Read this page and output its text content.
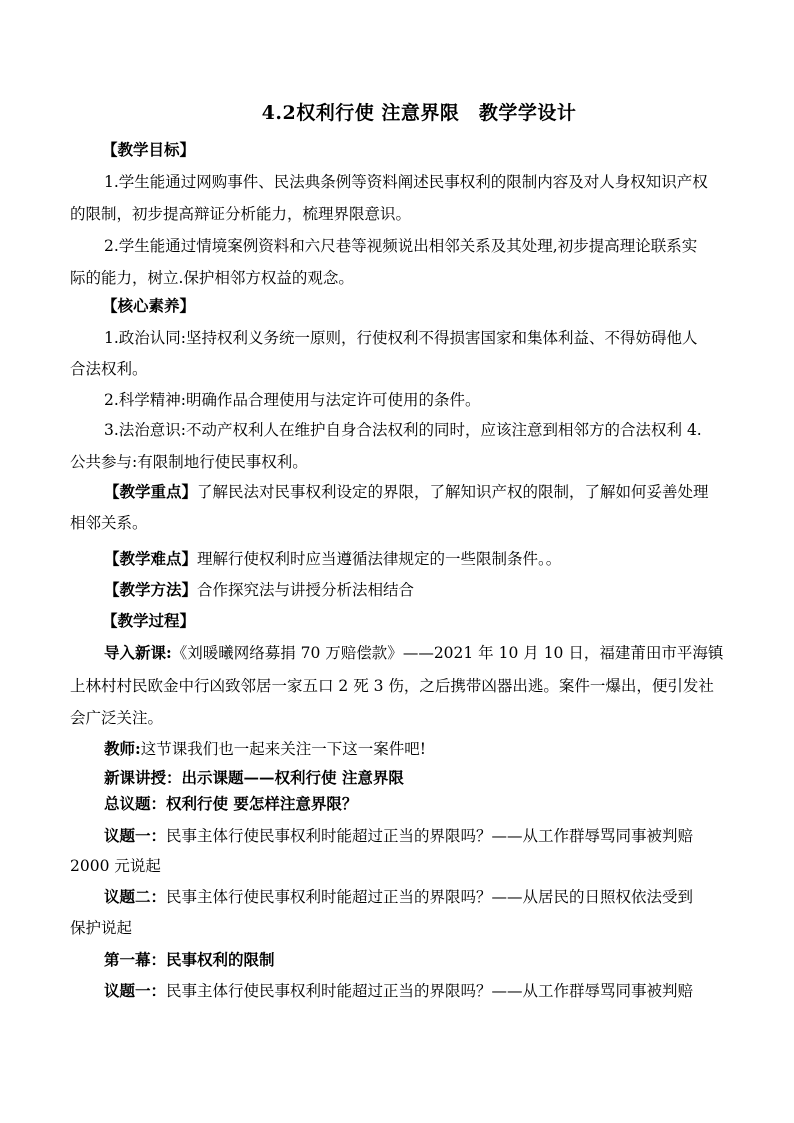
4.2权利行使 注意界限　教学学设计
【教学目标】
1.学生能通过网购事件、民法典条例等资料阐述民事权利的限制内容及对人身权知识产权
的限制，初步提高辩证分析能力，梳理界限意识。
2.学生能通过情境案例资料和六尺巷等视频说出相邻关系及其处理,初步提高理论联系实
际的能力，树立.保护相邻方权益的观念。
【核心素养】
1.政治认同:坚持权利义务统一原则，行使权利不得损害国家和集体利益、不得妨碍他人
合法权利。
2.科学精神:明确作品合理使用与法定许可使用的条件。
3.法治意识:不动产权利人在维护自身合法权利的同时，应该注意到相邻方的合法权利 4.
公共参与:有限制地行使民事权利。
【教学重点】了解民法对民事权利设定的界限，了解知识产权的限制，了解如何妥善处理
相邻关系。
【教学难点】理解行使权利时应当遵循法律规定的一些限制条件。。
【教学方法】合作探究法与讲授分析法相结合
【教学过程】
导入新课:《刘暖曦网络募捐 70 万赔偿款》——2021 年 10 月 10 日，福建莆田市平海镇
上林村村民欧金中行凶致邻居一家五口 2 死 3 伤，之后携带凶器出逃。案件一爆出，便引发社
会广泛关注。
教师:这节课我们也一起来关注一下这一案件吧!
新课讲授：出示课题——权利行使 注意界限
总议题：权利行使 要怎样注意界限？
议题一：民事主体行使民事权利时能超过正当的界限吗？——从工作群辱骂同事被判赔
2000 元说起
议题二：民事主体行使民事权利时能超过正当的界限吗？——从居民的日照权依法受到
保护说起
第一幕：民事权利的限制
议题一：民事主体行使民事权利时能超过正当的界限吗？——从工作群辱骂同事被判赔
